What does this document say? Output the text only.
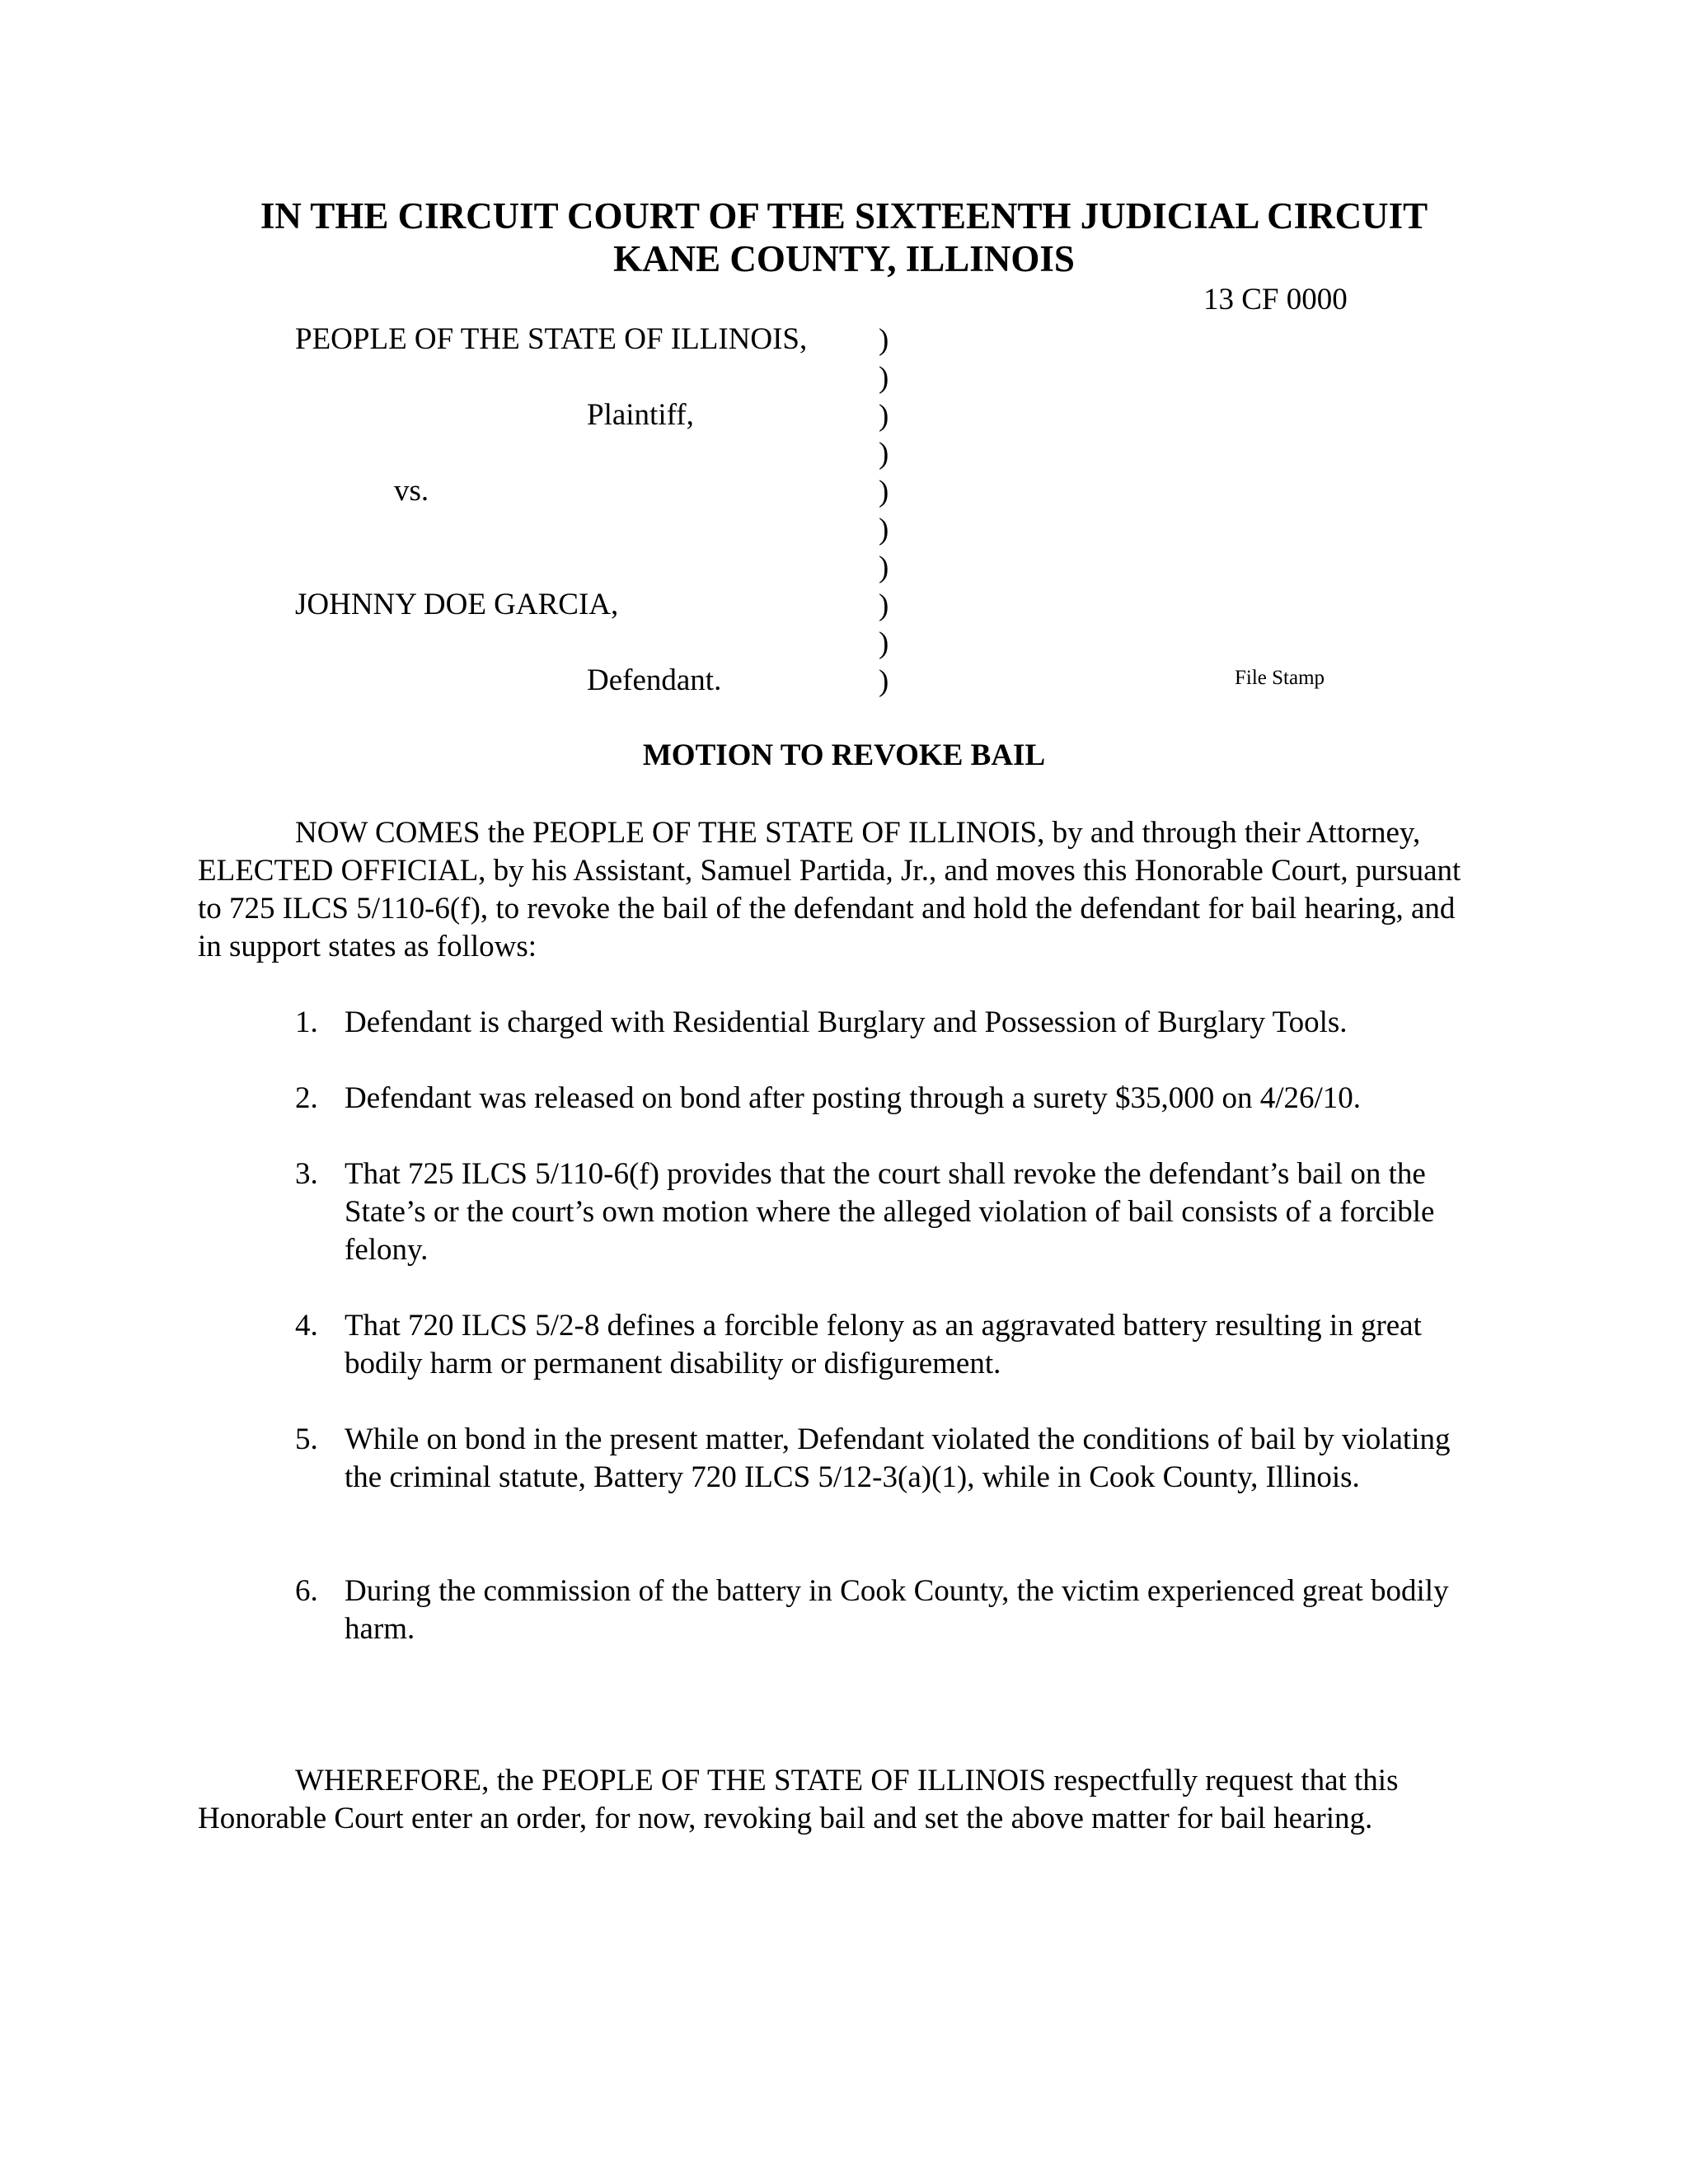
IN THE CIRCUIT COURT OF THE SIXTEENTH JUDICIAL CIRCUIT
KANE COUNTY, ILLINOIS
13 CF 0000
PEOPLE OF THE STATE OF ILLINOIS,
Plaintiff,
vs.
JOHNNY DOE GARCIA,
Defendant.
)
)
)
)
)
)
)
)
)
)	File Stamp
MOTION TO REVOKE BAIL
NOW COMES the PEOPLE OF THE STATE OF ILLINOIS, by and through their Attorney, ELECTED OFFICIAL, by his Assistant, Samuel Partida, Jr., and moves this Honorable Court, pursuant to 725 ILCS 5/110-6(f), to revoke the bail of the defendant and hold the defendant for bail hearing, and in support states as follows:
1. Defendant is charged with Residential Burglary and Possession of Burglary Tools.
2. Defendant was released on bond after posting through a surety $35,000 on 4/26/10.
3. That 725 ILCS 5/110-6(f) provides that the court shall revoke the defendant’s bail on the State’s or the court’s own motion where the alleged violation of bail consists of a forcible felony.
4. That 720 ILCS 5/2-8 defines a forcible felony as an aggravated battery resulting in great bodily harm or permanent disability or disfigurement.
5. While on bond in the present matter, Defendant violated the conditions of bail by violating the criminal statute, Battery 720 ILCS 5/12-3(a)(1), while in Cook County, Illinois.
6. During the commission of the battery in Cook County, the victim experienced great bodily harm.
WHEREFORE, the PEOPLE OF THE STATE OF ILLINOIS respectfully request that this Honorable Court enter an order, for now, revoking bail and set the above matter for bail hearing.
